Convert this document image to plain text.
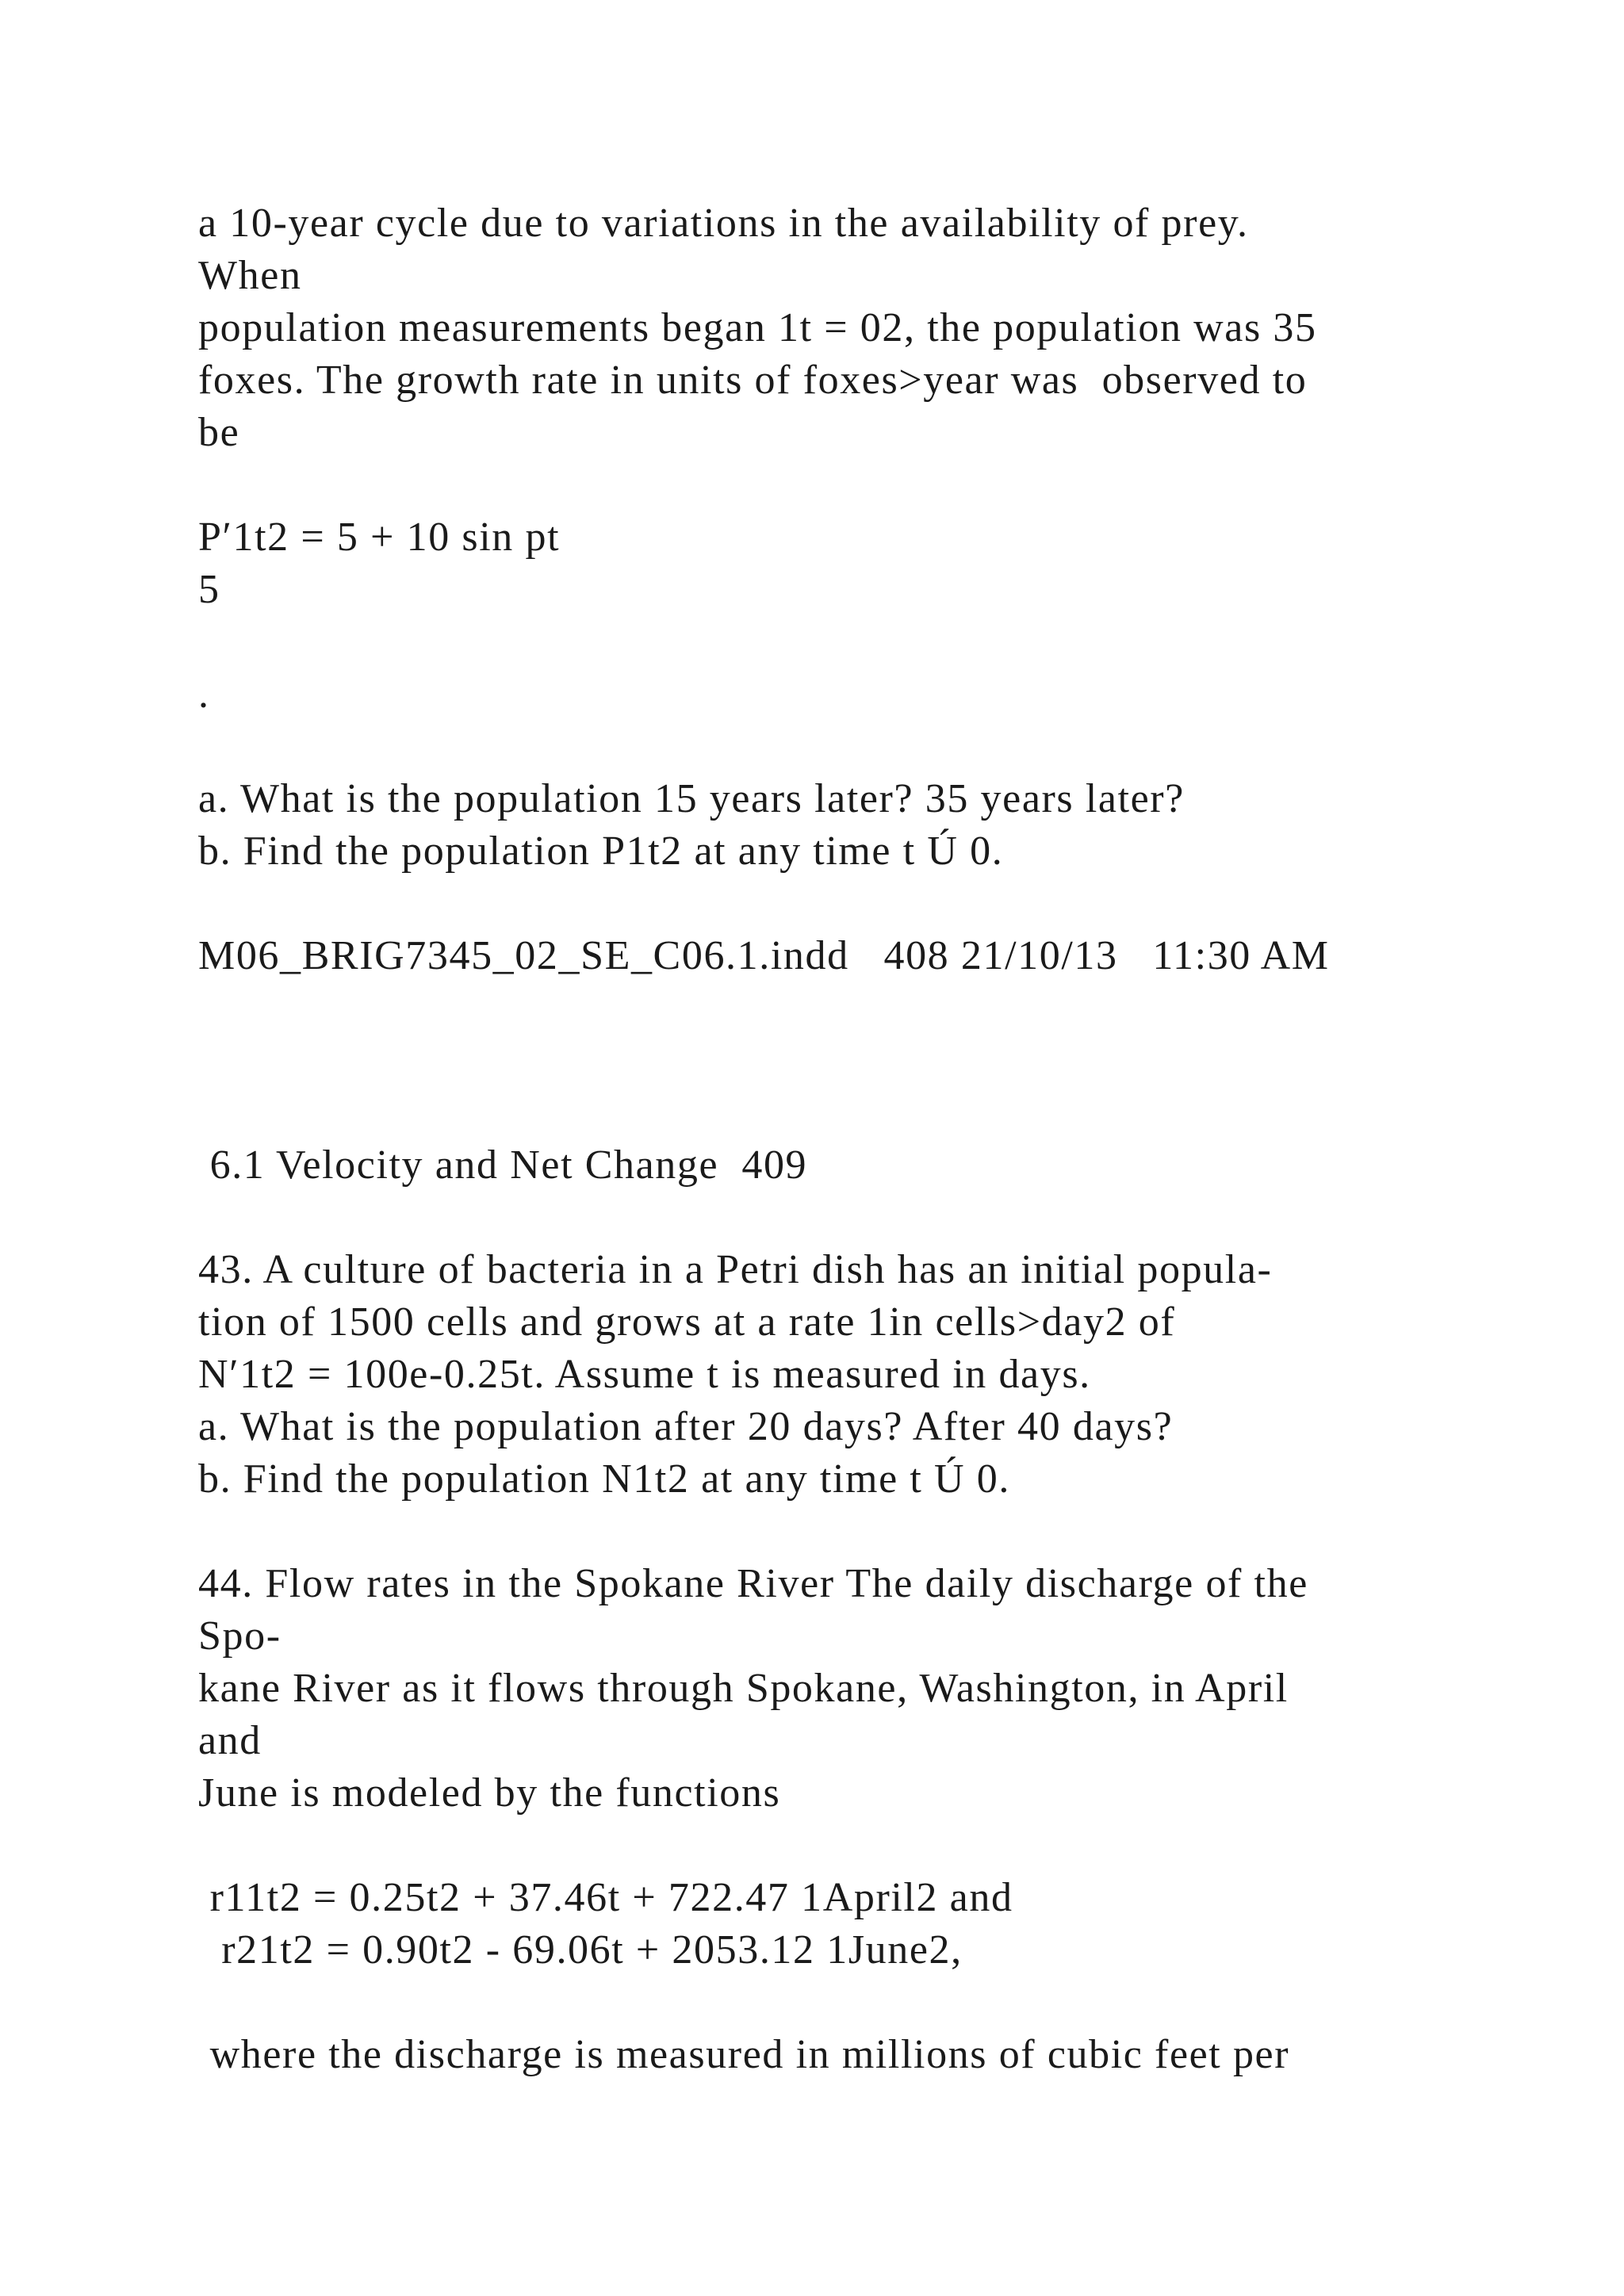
a 10-year cycle due to variations in the availability of prey.

When

population measurements began 1t = 02, the population was 35

foxes. The growth rate in units of foxes>year was  observed to

be

P′1t2 = 5 + 10 sin pt

5

.

a. What is the population 15 years later? 35 years later?

b. Find the population P1t2 at any time t Ú 0.

M06_BRIG7345_02_SE_C06.1.indd   408 21/10/13   11:30 AM

6.1 Velocity and Net Change  409

43. A culture of bacteria in a Petri dish has an initial popula-

tion of 1500 cells and grows at a rate 1in cells>day2 of

N′1t2 = 100e-0.25t. Assume t is measured in days.

a. What is the population after 20 days? After 40 days?

b. Find the population N1t2 at any time t Ú 0.

44. Flow rates in the Spokane River The daily discharge of the

Spo-

kane River as it flows through Spokane, Washington, in April

and

June is modeled by the functions

r11t2 = 0.25t2 + 37.46t + 722.47 1April2 and

r21t2 = 0.90t2 - 69.06t + 2053.12 1June2,

where the discharge is measured in millions of cubic feet per
